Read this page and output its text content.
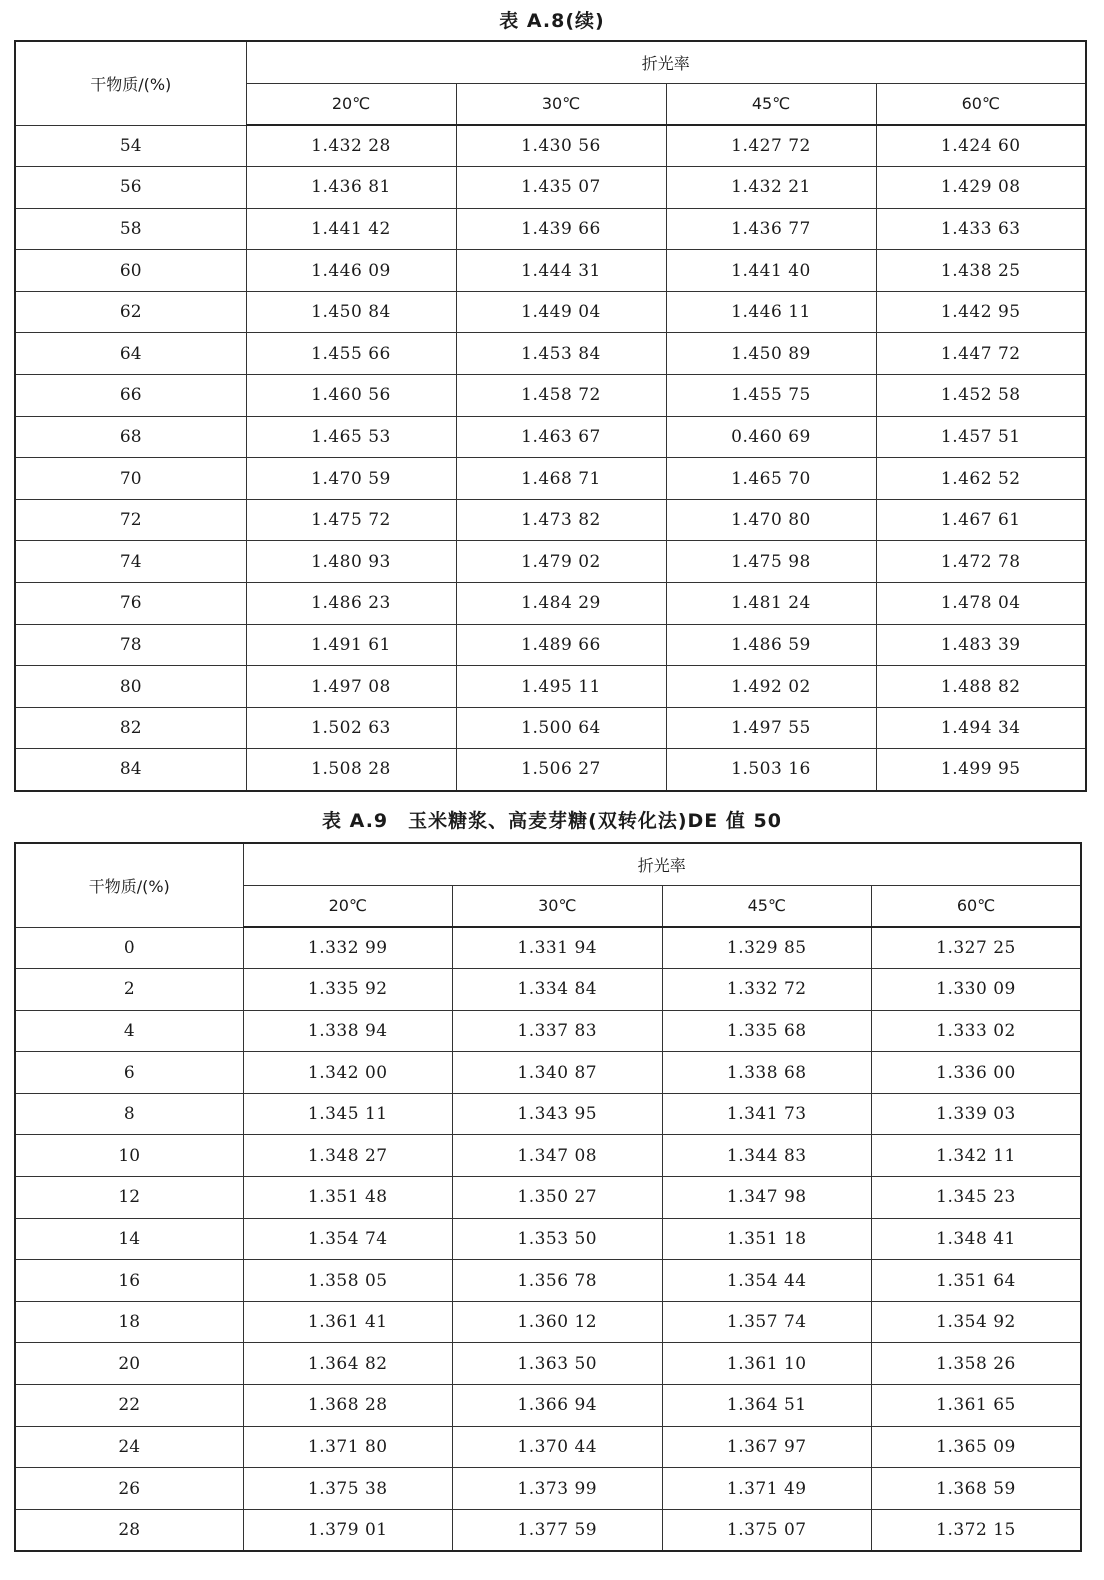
表 A.8(续)
干物质/(%)	折光率			
	20℃	30℃	45℃	60℃
54	1.432 28	1.430 56	1.427 72	1.424 60
56	1.436 81	1.435 07	1.432 21	1.429 08
58	1.441 42	1.439 66	1.436 77	1.433 63
60	1.446 09	1.444 31	1.441 40	1.438 25
62	1.450 84	1.449 04	1.446 11	1.442 95
64	1.455 66	1.453 84	1.450 89	1.447 72
66	1.460 56	1.458 72	1.455 75	1.452 58
68	1.465 53	1.463 67	0.460 69	1.457 51
70	1.470 59	1.468 71	1.465 70	1.462 52
72	1.475 72	1.473 82	1.470 80	1.467 61
74	1.480 93	1.479 02	1.475 98	1.472 78
76	1.486 23	1.484 29	1.481 24	1.478 04
78	1.491 61	1.489 66	1.486 59	1.483 39
80	1.497 08	1.495 11	1.492 02	1.488 82
82	1.502 63	1.500 64	1.497 55	1.494 34
84	1.508 28	1.506 27	1.503 16	1.499 95
表 A.9　玉米糖浆、高麦芽糖(双转化法)DE 值 50
干物质/(%)	折光率			
	20℃	30℃	45℃	60℃
0	1.332 99	1.331 94	1.329 85	1.327 25
2	1.335 92	1.334 84	1.332 72	1.330 09
4	1.338 94	1.337 83	1.335 68	1.333 02
6	1.342 00	1.340 87	1.338 68	1.336 00
8	1.345 11	1.343 95	1.341 73	1.339 03
10	1.348 27	1.347 08	1.344 83	1.342 11
12	1.351 48	1.350 27	1.347 98	1.345 23
14	1.354 74	1.353 50	1.351 18	1.348 41
16	1.358 05	1.356 78	1.354 44	1.351 64
18	1.361 41	1.360 12	1.357 74	1.354 92
20	1.364 82	1.363 50	1.361 10	1.358 26
22	1.368 28	1.366 94	1.364 51	1.361 65
24	1.371 80	1.370 44	1.367 97	1.365 09
26	1.375 38	1.373 99	1.371 49	1.368 59
28	1.379 01	1.377 59	1.375 07	1.372 15
